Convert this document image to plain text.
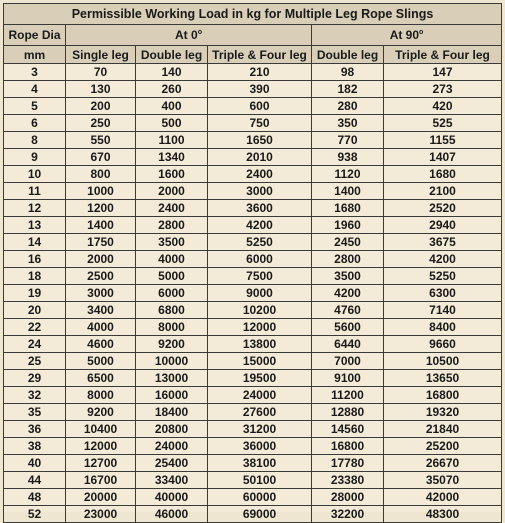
Permissible Working Load in kg for Multiple Leg Rope Slings					
Rope Dia	At 0$^o$			At 90$^o$
mm	Single leg	Double leg	Triple & Four leg	Double leg	Triple & Four leg
3	70	140	210	98	147
4	130	260	390	182	273
5	200	400	600	280	420
6	250	500	750	350	525
8	550	1100	1650	770	1155
9	670	1340	2010	938	1407
10	800	1600	2400	1120	1680
11	1000	2000	3000	1400	2100
12	1200	2400	3600	1680	2520
13	1400	2800	4200	1960	2940
14	1750	3500	5250	2450	3675
16	2000	4000	6000	2800	4200
18	2500	5000	7500	3500	5250
19	3000	6000	9000	4200	6300
20	3400	6800	10200	4760	7140
22	4000	8000	12000	5600	8400
24	4600	9200	13800	6440	9660
25	5000	10000	15000	7000	10500
29	6500	13000	19500	9100	13650
32	8000	16000	24000	11200	16800
35	9200	18400	27600	12880	19320
36	10400	20800	31200	14560	21840
38	12000	24000	36000	16800	25200
40	12700	25400	38100	17780	26670
44	16700	33400	50100	23380	35070
48	20000	40000	60000	28000	42000
52	23000	46000	69000	32200	48300
